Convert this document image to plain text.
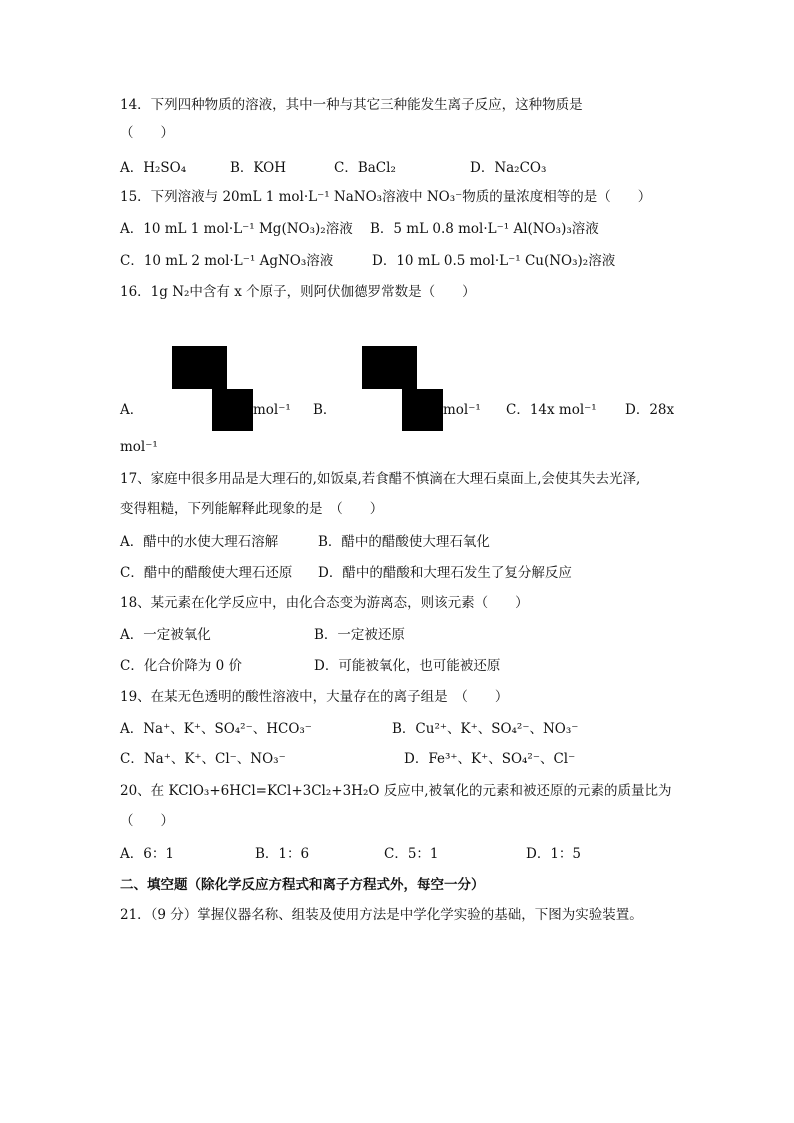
14．下列四种物质的溶液，其中一种与其它三种能发生离子反应，这种物质是
（　　）
A．H₂SO₄	B．KOH	C．BaCl₂	D．Na₂CO₃
15．下列溶液与 20mL 1 mol·L⁻¹ NaNO₃溶液中 NO₃⁻物质的量浓度相等的是（　　）
A．10 mL 1 mol·L⁻¹ Mg(NO₃)₂溶液 B．5 mL 0.8 mol·L⁻¹ Al(NO₃)₃溶液
C．10 mL 2 mol·L⁻¹ AgNO₃溶液	D．10 mL 0.5 mol·L⁻¹ Cu(NO₃)₂溶液
16．1g N₂中含有 x 个原子，则阿伏伽德罗常数是（　　）
A．	mol⁻¹ B．	mol⁻¹ C．14x mol⁻¹ D．28x
mol⁻¹
17、家庭中很多用品是大理石的,如饭桌,若食醋不慎滴在大理石桌面上,会使其失去光泽,
变得粗糙，下列能解释此现象的是　（　　）
A．醋中的水使大理石溶解	B．醋中的醋酸使大理石氧化
C．醋中的醋酸使大理石还原 D．醋中的醋酸和大理石发生了复分解反应
18、某元素在化学反应中，由化合态变为游离态，则该元素（　　）
A．一定被氧化	B．一定被还原
C．化合价降为 0 价	D．可能被氧化，也可能被还原
19、在某无色透明的酸性溶液中，大量存在的离子组是　（　　）
A．Na⁺、K⁺、SO₄²⁻、HCO₃⁻	B．Cu²⁺、K⁺、SO₄²⁻、NO₃⁻
C．Na⁺、K⁺、Cl⁻、NO₃⁻	D．Fe³⁺、K⁺、SO₄²⁻、Cl⁻
20、在 KClO₃+6HCl=KCl+3Cl₂+3H₂O 反应中,被氧化的元素和被还原的元素的质量比为
（　　）
A．6：1	B．1：6	C．5：1	D．1：5
二、填空题（除化学反应方程式和离子方程式外，每空一分）
21．（9 分）掌握仪器名称、组装及使用方法是中学化学实验的基础，下图为实验装置。
